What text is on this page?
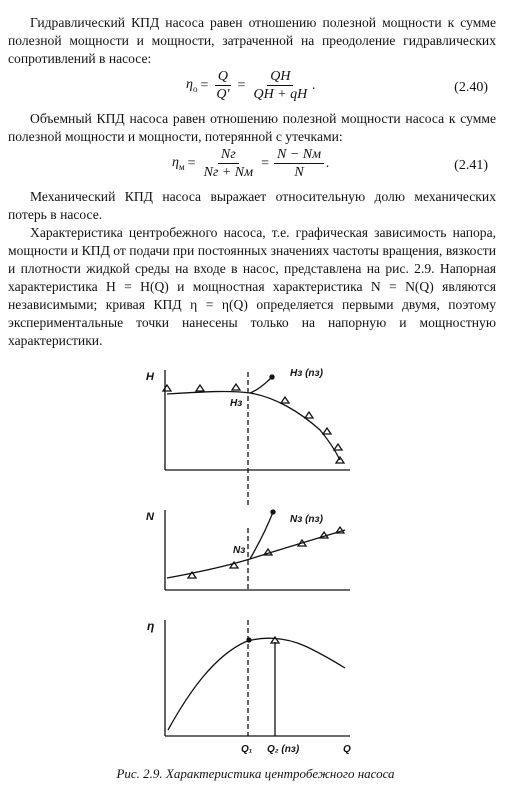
Гидравлический КПД насоса равен отношению полезной мощности к сумме полезной мощности и мощности, затраченной на преодоление гидравлических сопротивлений в насосе:

$\eta_о = \frac{Q}{Q'} = \frac{QH}{QH + qH}$ .	(2.40)

Объемный КПД насоса равен отношению полезной мощности насоса к сумме полезной мощности и мощности, потерянной с утечками:

$\eta_м = \frac{Nг}{Nг + Nм} = \frac{N - Nм}{N}$ .	(2.41)

Механический КПД насоса выражает относительную долю механических потерь в насосе.

Характеристика центробежного насоса, т.е. графическая зависимость напора, мощности и КПД от подачи при постоянных значениях частоты вращения, вязкости и плотности жидкой среды на входе в насос, представлена на рис. 2.9. Напорная характеристика H = H(Q) и мощностная характеристика N = N(Q) являются независимыми; кривая КПД η = η(Q) определяется первыми двумя, поэтому экспериментальные точки нанесены только на напорную и мощностную характеристики.

H
Hз
Hз (nз)
N
Nз
Nз (nз)
η
Q₁ Q₂ (nз)	Q
Рис. 2.9. Характеристика центробежного насоса
